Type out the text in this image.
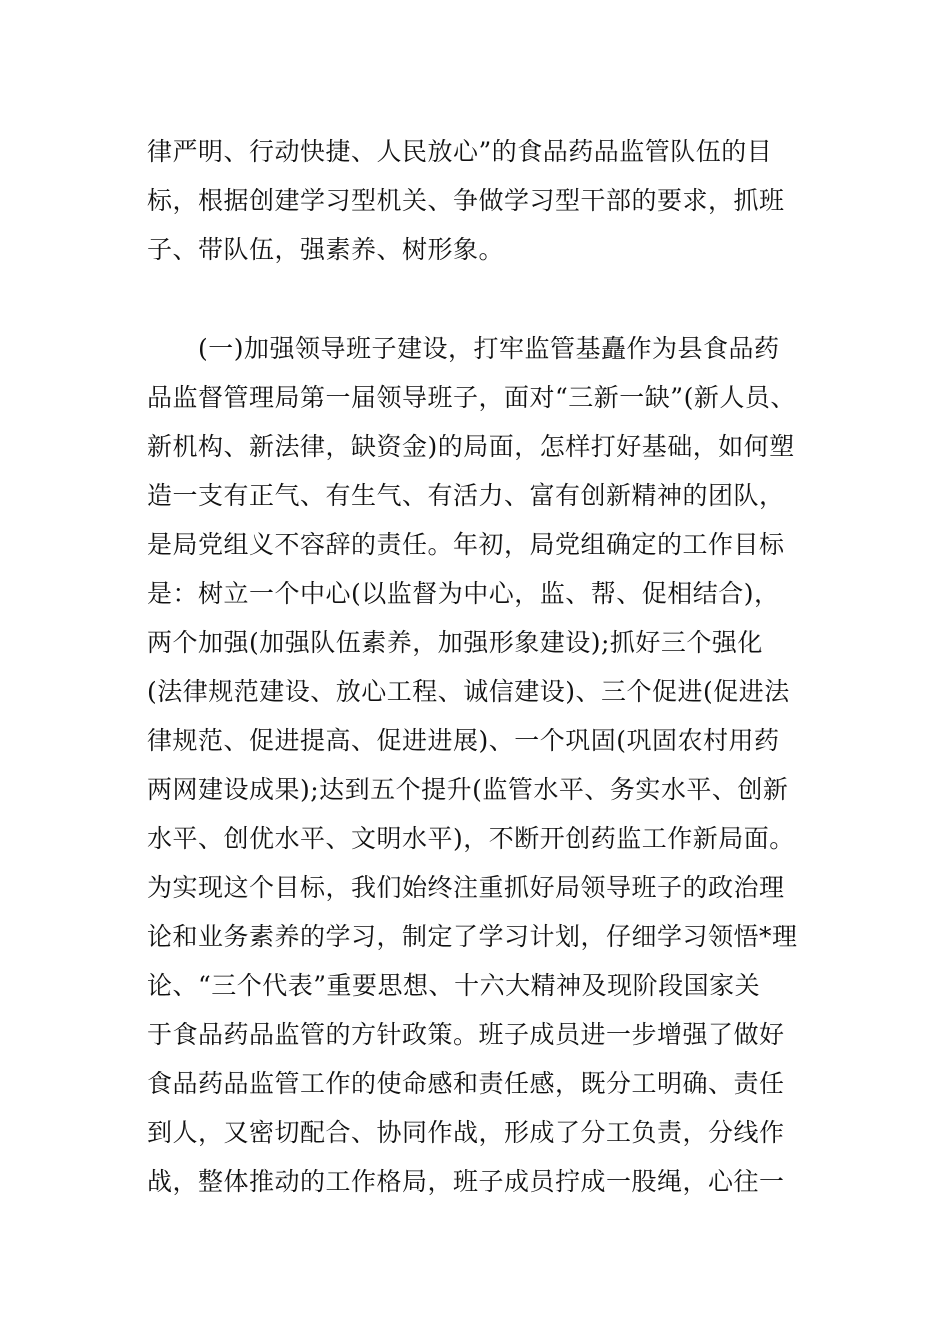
律严明、行动快捷、人民放心”的食品药品监管队伍的目
标，根据创建学习型机关、争做学习型干部的要求，抓班
子、带队伍，强素养、树形象。
　　(一)加强领导班子建设，打牢监管基矗作为县食品药
品监督管理局第一届领导班子，面对“三新一缺”(新人员、
新机构、新法律，缺资金)的局面，怎样打好基础，如何塑
造一支有正气、有生气、有活力、富有创新精神的团队，
是局党组义不容辞的责任。年初，局党组确定的工作目标
是：树立一个中心(以监督为中心，监、帮、促相结合)，
两个加强(加强队伍素养，加强形象建设);抓好三个强化
(法律规范建设、放心工程、诚信建设)、三个促进(促进法
律规范、促进提高、促进进展)、一个巩固(巩固农村用药
两网建设成果);达到五个提升(监管水平、务实水平、创新
水平、创优水平、文明水平)，不断开创药监工作新局面。
为实现这个目标，我们始终注重抓好局领导班子的政治理
论和业务素养的学习，制定了学习计划，仔细学习领悟*理
论、“三个代表”重要思想、十六大精神及现阶段国家关
于食品药品监管的方针政策。班子成员进一步增强了做好
食品药品监管工作的使命感和责任感，既分工明确、责任
到人，又密切配合、协同作战，形成了分工负责，分线作
战，整体推动的工作格局，班子成员拧成一股绳，心往一
